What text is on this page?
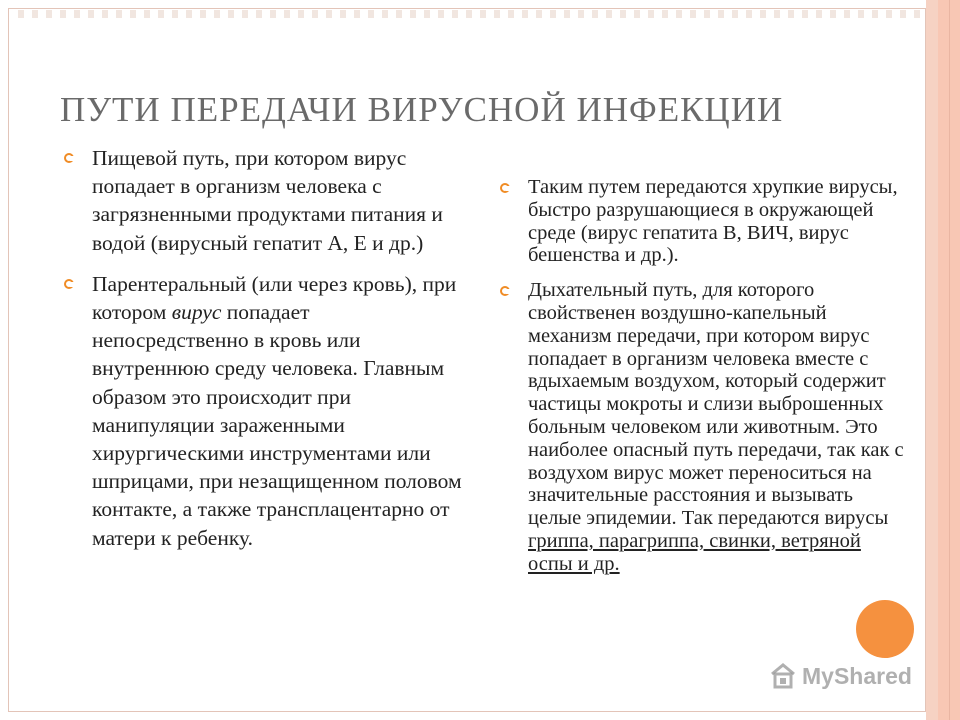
ПУТИ ПЕРЕДАЧИ ВИРУСНОЙ ИНФЕКЦИИ
Пищевой путь, при котором вирус попадает в организм человека с загрязненными продуктами питания и водой (вирусный гепатит А, Е и др.)
Парентеральный (или через кровь), при котором вирус попадает непосредственно в кровь или внутреннюю среду человека. Главным образом это происходит при манипуляции зараженными хирургическими инструментами или шприцами, при незащищенном половом контакте, а также трансплацентарно от матери к ребенку.
Таким путем передаются хрупкие вирусы, быстро разрушающиеся в окружающей среде (вирус гепатита В, ВИЧ, вирус бешенства и др.).
Дыхательный путь, для которого свойственен воздушно-капельный механизм передачи, при котором вирус попадает в организм человека вместе с вдыхаемым воздухом, который содержит частицы мокроты и слизи выброшенных больным человеком или животным. Это наиболее опасный путь передачи, так как с воздухом вирус может переноситься на значительные расстояния и вызывать целые эпидемии. Так передаются вирусы гриппа, парагриппа, свинки, ветряной оспы и др.
MyShared
